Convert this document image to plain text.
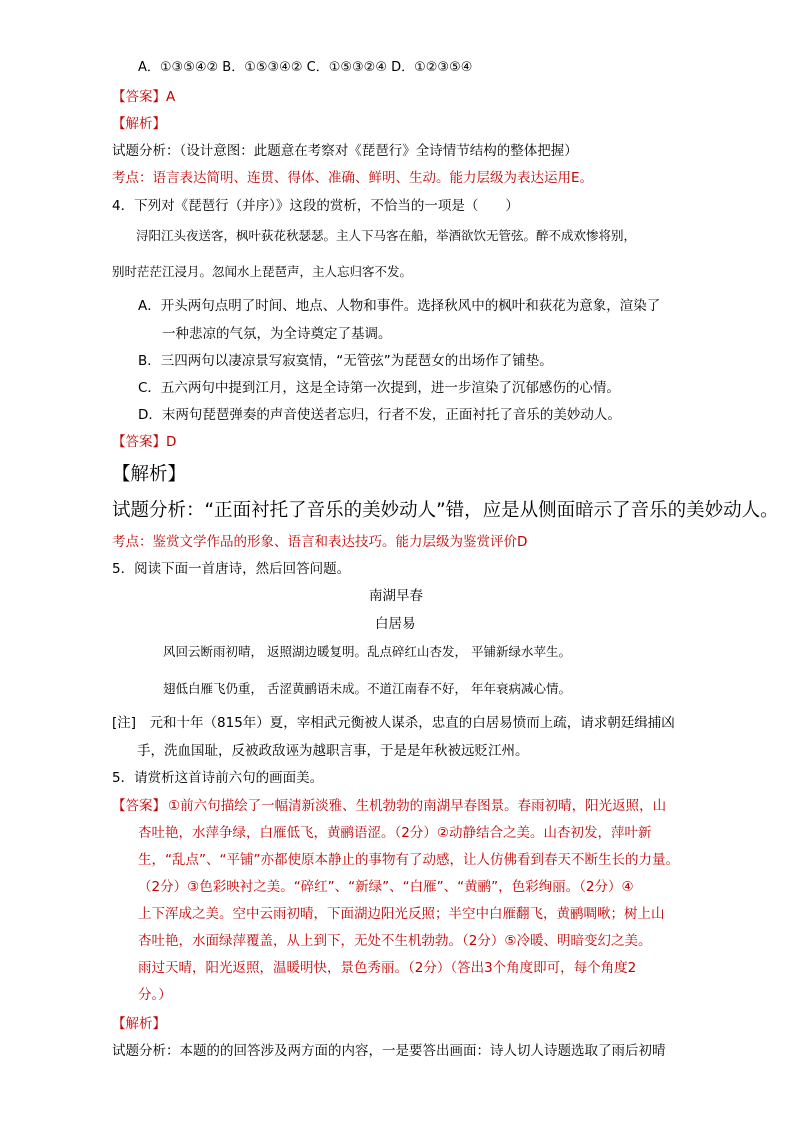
A．①③⑤④② B．①⑤③④② C．①⑤③②④ D．①②③⑤④
【答案】A
【解析】
试题分析：（设计意图：此题意在考察对《琵琶行》全诗情节结构的整体把握）
考点：语言表达简明、连贯、得体、准确、鲜明、生动。能力层级为表达运用E。
4．下列对《琵琶行（并序）》这段的赏析，不恰当的一项是（　　）
浔阳江头夜送客，枫叶荻花秋瑟瑟。主人下马客在船，举酒欲饮无管弦。醉不成欢惨将别，
别时茫茫江浸月。忽闻水上琵琶声，主人忘归客不发。
A．开头两句点明了时间、地点、人物和事件。选择秋风中的枫叶和荻花为意象，渲染了
一种悲凉的气氛，为全诗奠定了基调。
B．三四两句以凄凉景写寂寞情，“无管弦”为琵琶女的出场作了铺垫。
C．五六两句中提到江月，这是全诗第一次提到，进一步渲染了沉郁感伤的心情。
D．末两句琵琶弹奏的声音使送者忘归，行者不发，正面衬托了音乐的美妙动人。
【答案】D
【解析】
试题分析：“正面衬托了音乐的美妙动人”错，应是从侧面暗示了音乐的美妙动人。
考点：鉴赏文学作品的形象、语言和表达技巧。能力层级为鉴赏评价D
5．阅读下面一首唐诗，然后回答问题。
南湖早春
白居易
风回云断雨初晴， 返照湖边暖复明。乱点碎红山杏发， 平铺新绿水苹生。
翅低白雁飞仍重， 舌涩黄鹂语未成。不道江南春不好， 年年衰病减心情。
[注]　元和十年（815年）夏，宰相武元衡被人谋杀，忠直的白居易愤而上疏，请求朝廷缉捕凶
手，洗血国耻，反被政敌诬为越职言事，于是是年秋被远贬江州。
5．请赏析这首诗前六句的画面美。
【答案】 ①前六句描绘了一幅清新淡雅、生机勃勃的南湖早春图景。春雨初晴，阳光返照，山
杏吐艳，水萍争绿，白雁低飞，黄鹂语涩。（2分）②动静结合之美。山杏初发，萍叶新
生，“乱点”、“平铺”亦都使原本静止的事物有了动感，让人仿佛看到春天不断生长的力量。
（2分）③色彩映衬之美。“碎红”、“新绿”、“白雁”、“黄鹂”，色彩绚丽。（2分）④
上下浑成之美。空中云雨初晴，下面湖边阳光反照；半空中白雁翻飞，黄鹂啁啾；树上山
杏吐艳，水面绿萍覆盖，从上到下，无处不生机勃勃。（2分）⑤冷暖、明暗变幻之美。
雨过天晴，阳光返照，温暖明快，景色秀丽。（2分）（答出3个角度即可，每个角度2
分。）
【解析】
试题分析：本题的的回答涉及两方面的内容，一是要答出画面：诗人切人诗题选取了雨后初晴
